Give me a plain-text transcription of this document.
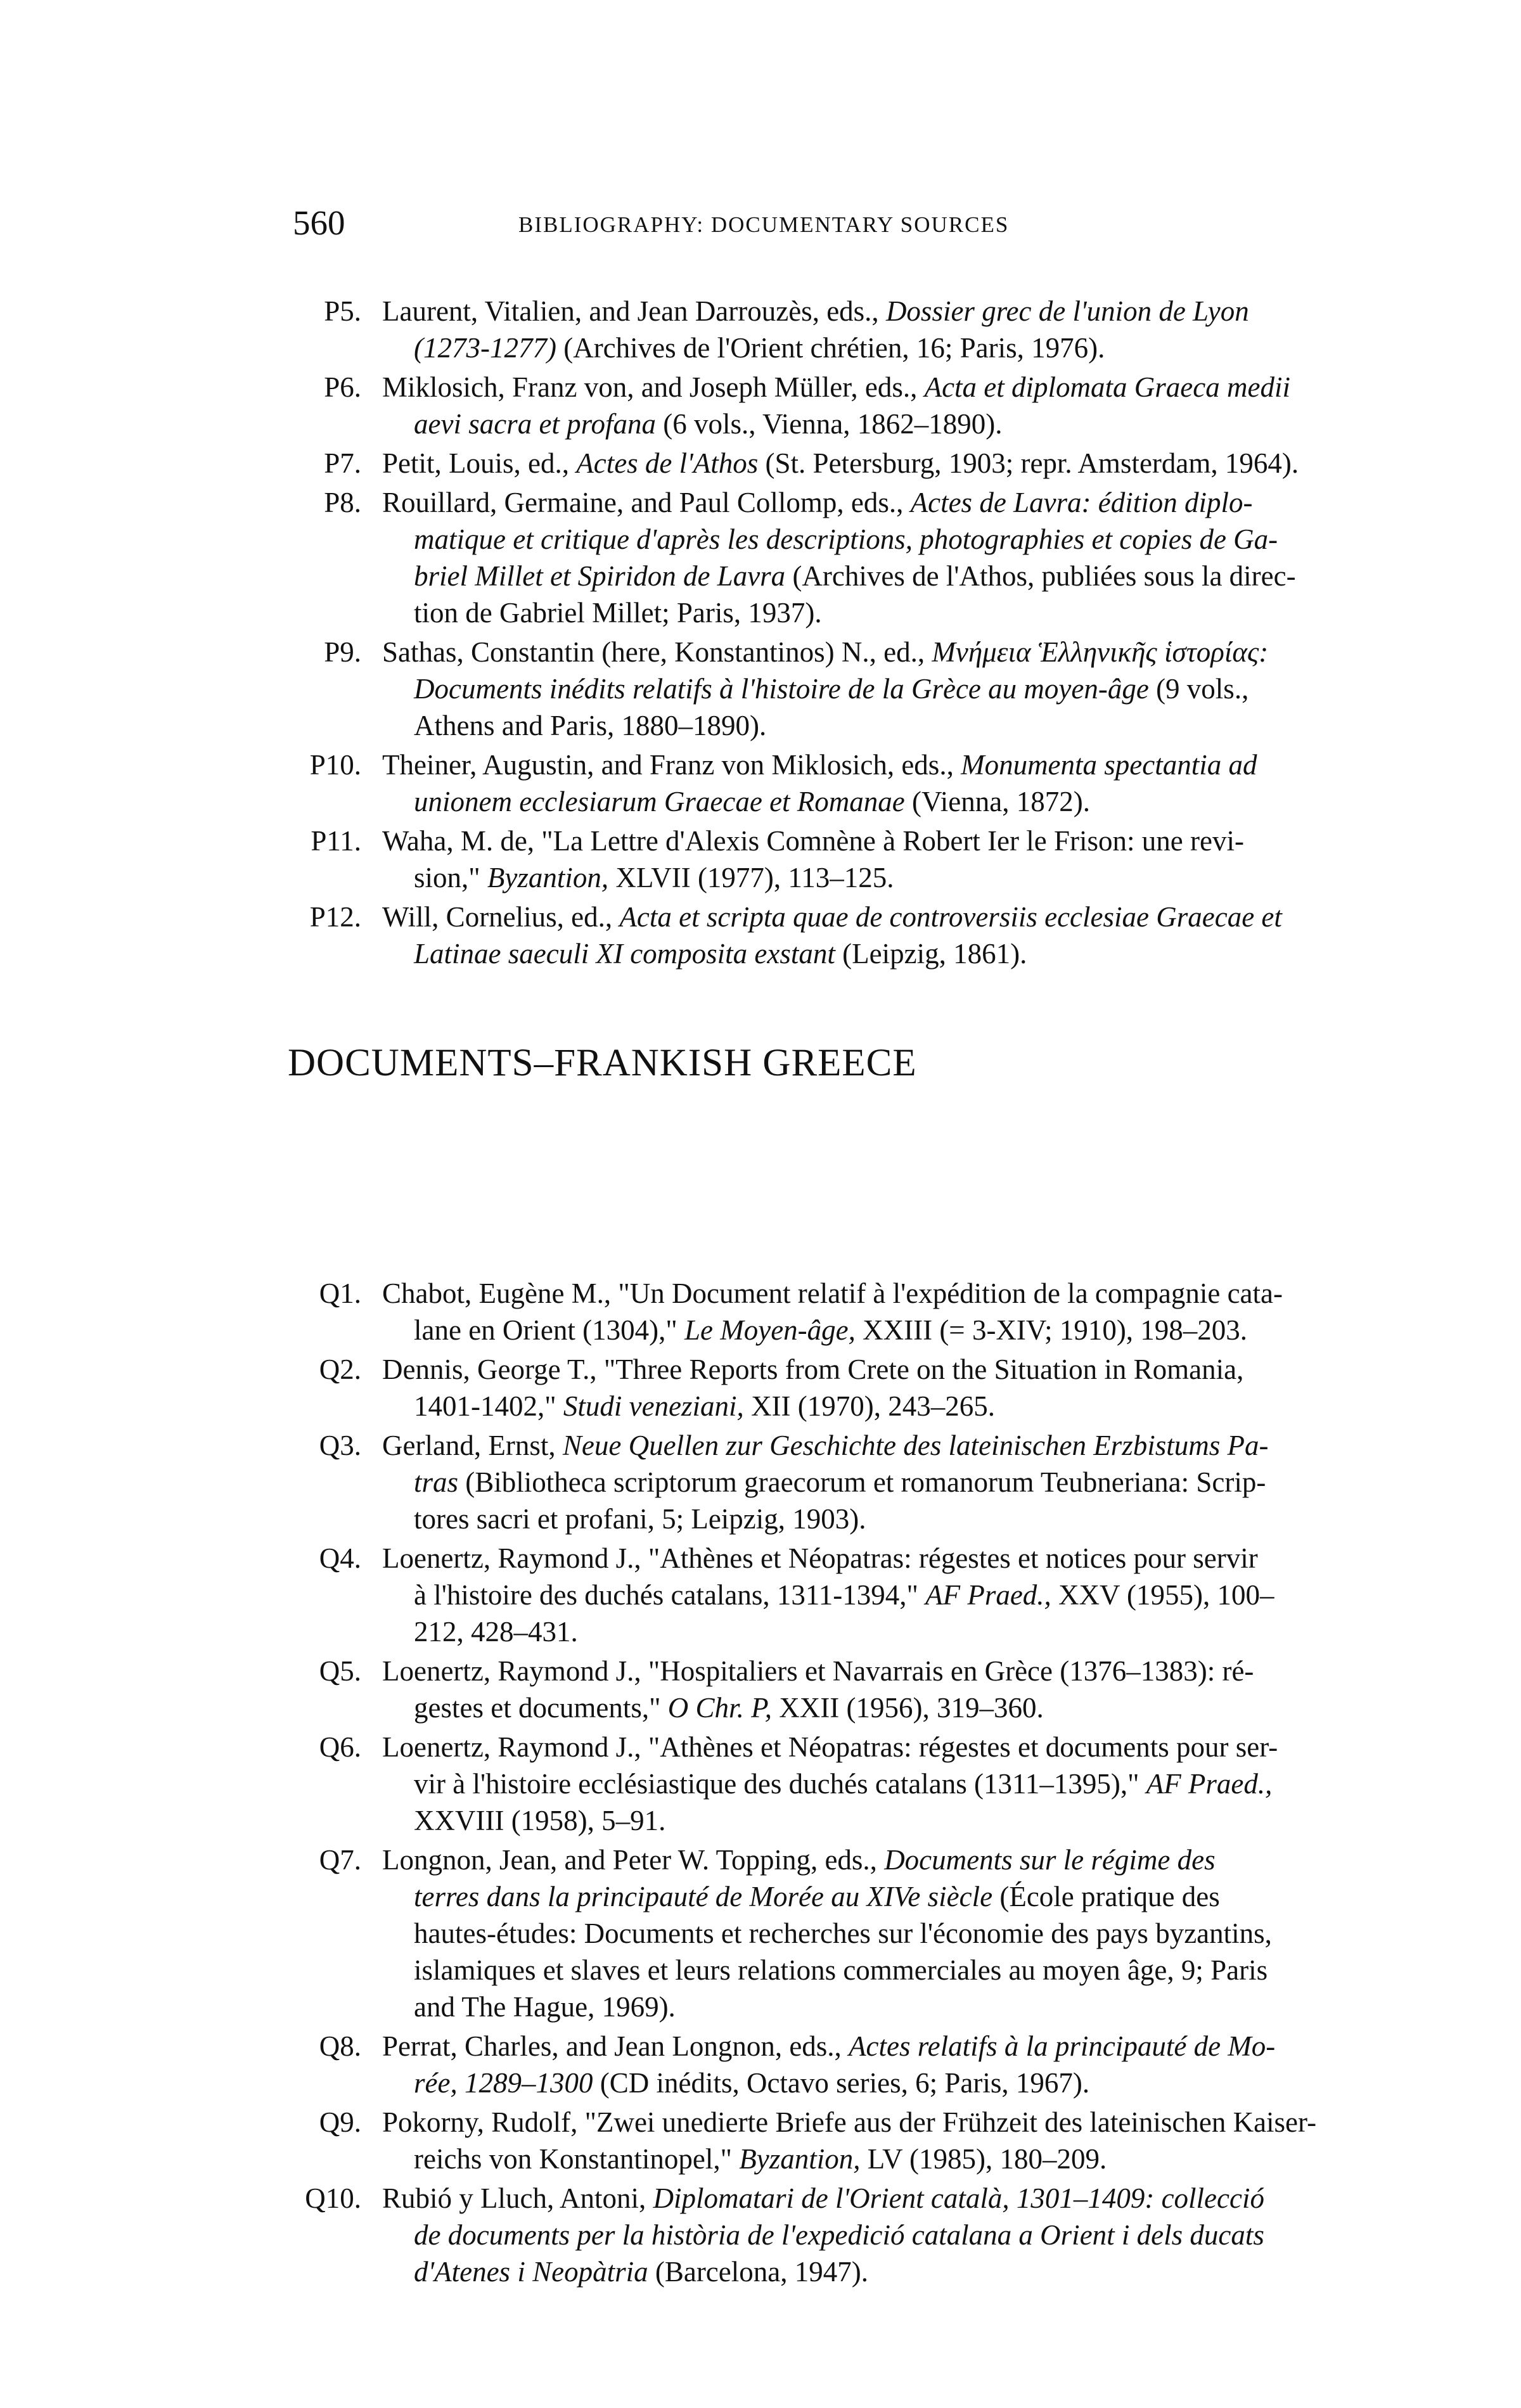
560	BIBLIOGRAPHY: DOCUMENTARY SOURCES
P5. Laurent, Vitalien, and Jean Darrouzès, eds., Dossier grec de l'union de Lyon
(1273-1277) (Archives de l'Orient chrétien, 16; Paris, 1976).
P6. Miklosich, Franz von, and Joseph Müller, eds., Acta et diplomata Graeca medii
aevi sacra et profana (6 vols., Vienna, 1862–1890).
P7. Petit, Louis, ed., Actes de l'Athos (St. Petersburg, 1903; repr. Amsterdam, 1964).
P8. Rouillard, Germaine, and Paul Collomp, eds., Actes de Lavra: édition diplo-
matique et critique d'après les descriptions, photographies et copies de Ga-
briel Millet et Spiridon de Lavra (Archives de l'Athos, publiées sous la direc-
tion de Gabriel Millet; Paris, 1937).
P9. Sathas, Constantin (here, Konstantinos) N., ed., Μνήμεια Ἑλληνικῆς ἱστορίας:
Documents inédits relatifs à l'histoire de la Grèce au moyen-âge (9 vols.,
Athens and Paris, 1880–1890).
P10. Theiner, Augustin, and Franz von Miklosich, eds., Monumenta spectantia ad
unionem ecclesiarum Graecae et Romanae (Vienna, 1872).
P11. Waha, M. de, "La Lettre d'Alexis Comnène à Robert Ier le Frison: une revi-
sion," Byzantion, XLVII (1977), 113–125.
P12. Will, Cornelius, ed., Acta et scripta quae de controversiis ecclesiae Graecae et
Latinae saeculi XI composita exstant (Leipzig, 1861).
DOCUMENTS–FRANKISH GREECE
Q1. Chabot, Eugène M., "Un Document relatif à l'expédition de la compagnie cata-
lane en Orient (1304)," Le Moyen-âge, XXIII (= 3-XIV; 1910), 198–203.
Q2. Dennis, George T., "Three Reports from Crete on the Situation in Romania,
1401-1402," Studi veneziani, XII (1970), 243–265.
Q3. Gerland, Ernst, Neue Quellen zur Geschichte des lateinischen Erzbistums Pa-
tras (Bibliotheca scriptorum graecorum et romanorum Teubneriana: Scrip-
tores sacri et profani, 5; Leipzig, 1903).
Q4. Loenertz, Raymond J., "Athènes et Néopatras: régestes et notices pour servir
à l'histoire des duchés catalans, 1311-1394," AF Praed., XXV (1955), 100–
212, 428–431.
Q5. Loenertz, Raymond J., "Hospitaliers et Navarrais en Grèce (1376–1383): ré-
gestes et documents," O Chr. P, XXII (1956), 319–360.
Q6. Loenertz, Raymond J., "Athènes et Néopatras: régestes et documents pour ser-
vir à l'histoire ecclésiastique des duchés catalans (1311–1395)," AF Praed.,
XXVIII (1958), 5–91.
Q7. Longnon, Jean, and Peter W. Topping, eds., Documents sur le régime des
terres dans la principauté de Morée au XIVe siècle (École pratique des
hautes-études: Documents et recherches sur l'économie des pays byzantins,
islamiques et slaves et leurs relations commerciales au moyen âge, 9; Paris
and The Hague, 1969).
Q8. Perrat, Charles, and Jean Longnon, eds., Actes relatifs à la principauté de Mo-
rée, 1289–1300 (CD inédits, Octavo series, 6; Paris, 1967).
Q9. Pokorny, Rudolf, "Zwei unedierte Briefe aus der Frühzeit des lateinischen Kaiser-
reichs von Konstantinopel," Byzantion, LV (1985), 180–209.
Q10. Rubió y Lluch, Antoni, Diplomatari de l'Orient català, 1301–1409: collecció
de documents per la història de l'expedició catalana a Orient i dels ducats
d'Atenes i Neopàtria (Barcelona, 1947).
